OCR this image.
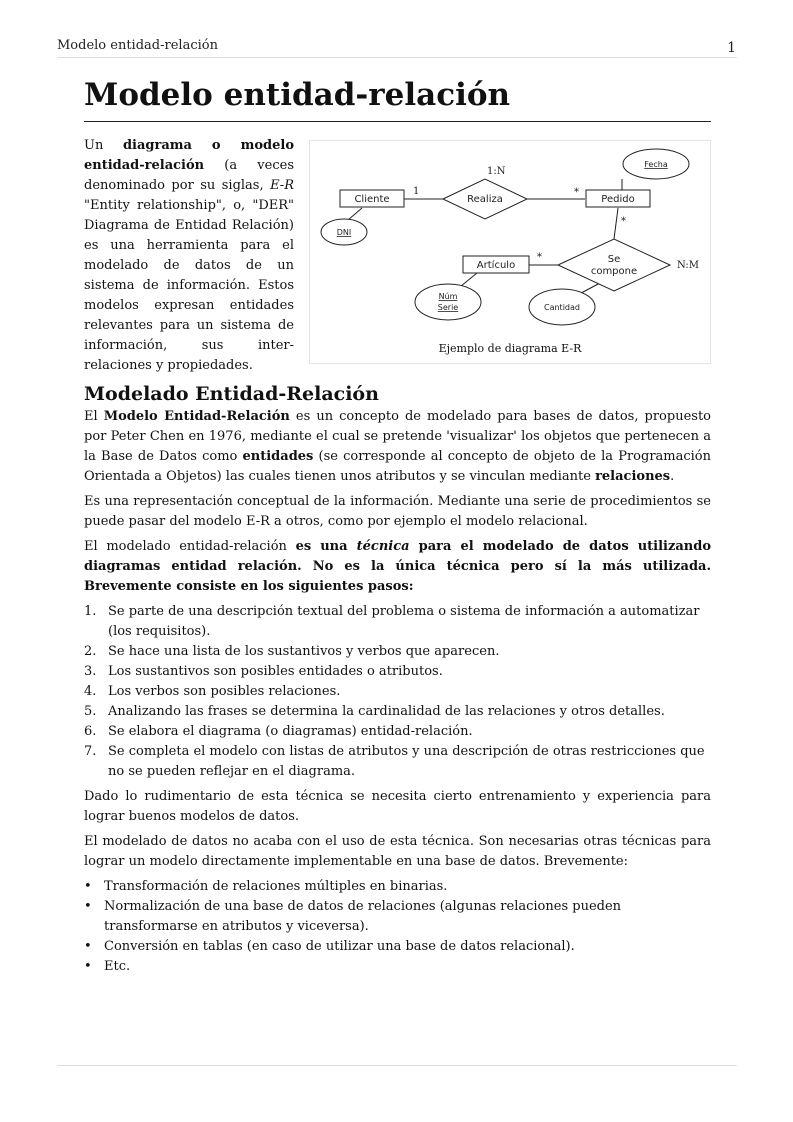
Modelo entidad-relación	1
Modelo entidad-relación
Un diagrama o modelo entidad-relación (a veces denominado por su siglas, E-R "Entity relationship", o, "DER" Diagrama de Entidad Relación) es una herramienta para el modelado de datos de un sistema de información. Estos modelos expresan entidades relevantes para un sistema de información, sus inter-relaciones y propiedades.
Cliente	Pedido
Artículo
Realiza
Se
compone
DNI
Fecha
Núm
Serie	Cantidad
1:N
1	*
*
*
N:M
Ejemplo de diagrama E-R
Modelado Entidad-Relación

El Modelo Entidad-Relación es un concepto de modelado para bases de datos, propuesto por Peter Chen en 1976, mediante el cual se pretende 'visualizar' los objetos que pertenecen a la Base de Datos como entidades (se corresponde al concepto de objeto de la Programación Orientada a Objetos) las cuales tienen unos atributos y se vinculan mediante relaciones.

Es una representación conceptual de la información. Mediante una serie de procedimientos se puede pasar del modelo E-R a otros, como por ejemplo el modelo relacional.

El modelado entidad-relación es una técnica para el modelado de datos utilizando diagramas entidad relación. No es la única técnica pero sí la más utilizada. Brevemente consiste en los siguientes pasos:

1. Se parte de una descripción textual del problema o sistema de información a automatizar (los requisitos).
2. Se hace una lista de los sustantivos y verbos que aparecen.
3. Los sustantivos son posibles entidades o atributos.
4. Los verbos son posibles relaciones.
5. Analizando las frases se determina la cardinalidad de las relaciones y otros detalles.
6. Se elabora el diagrama (o diagramas) entidad-relación.
7. Se completa el modelo con listas de atributos y una descripción de otras restricciones que no se pueden reflejar en el diagrama.

Dado lo rudimentario de esta técnica se necesita cierto entrenamiento y experiencia para lograr buenos modelos de datos.

El modelado de datos no acaba con el uso de esta técnica. Son necesarias otras técnicas para lograr un modelo directamente implementable en una base de datos. Brevemente:

• Transformación de relaciones múltiples en binarias.
• Normalización de una base de datos de relaciones (algunas relaciones pueden transformarse en atributos y viceversa).
• Conversión en tablas (en caso de utilizar una base de datos relacional).
• Etc.
